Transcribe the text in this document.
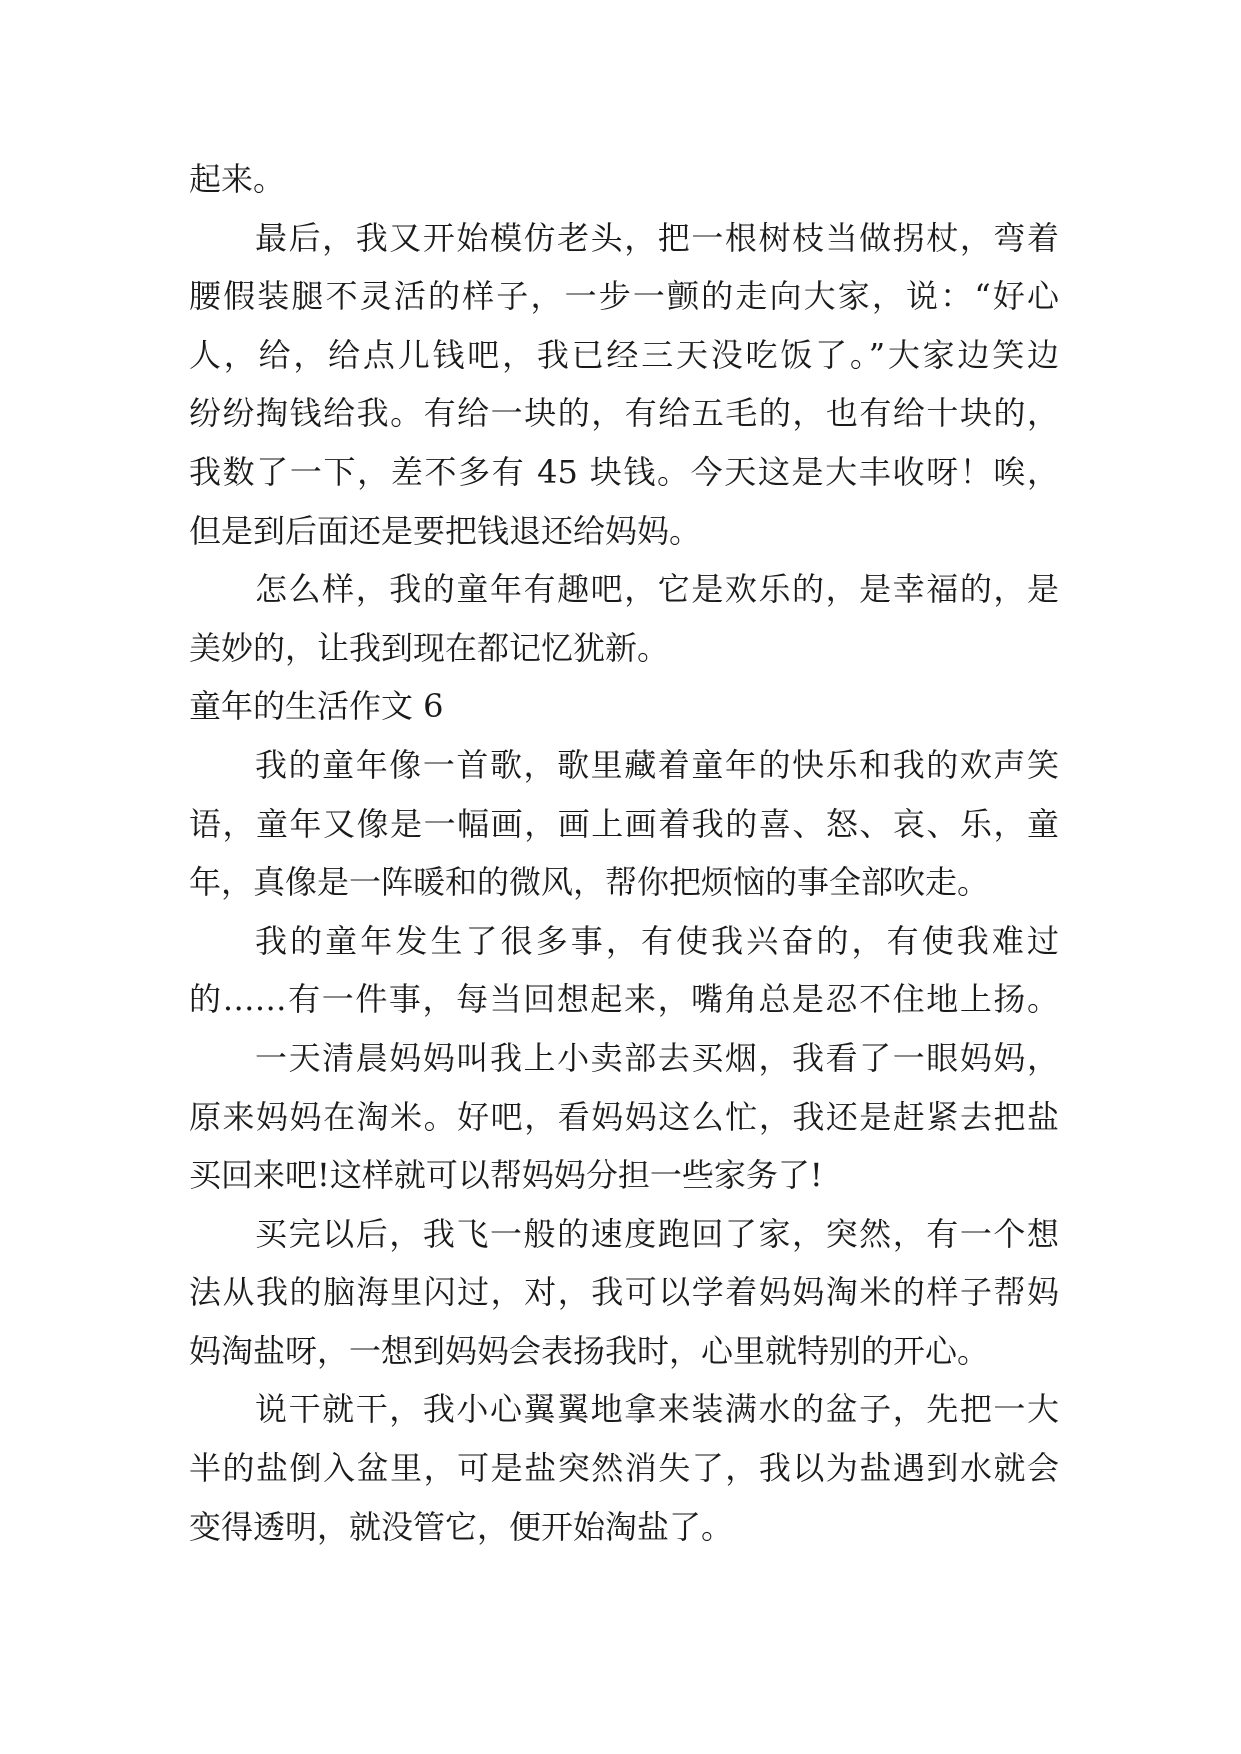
起来。
最后，我又开始模仿老头，把一根树枝当做拐杖，弯着
腰假装腿不灵活的样子，一步一颤的走向大家，说：“好心
人，给，给点儿钱吧，我已经三天没吃饭了。”大家边笑边
纷纷掏钱给我。有给一块的，有给五毛的，也有给十块的，
我数了一下，差不多有 45 块钱。今天这是大丰收呀！唉，
但是到后面还是要把钱退还给妈妈。
怎么样，我的童年有趣吧，它是欢乐的，是幸福的，是
美妙的，让我到现在都记忆犹新。
童年的生活作文 6
我的童年像一首歌，歌里藏着童年的快乐和我的欢声笑
语，童年又像是一幅画，画上画着我的喜、怒、哀、乐，童
年，真像是一阵暖和的微风，帮你把烦恼的事全部吹走。
我的童年发生了很多事，有使我兴奋的，有使我难过
的……有一件事，每当回想起来，嘴角总是忍不住地上扬。
一天清晨妈妈叫我上小卖部去买烟，我看了一眼妈妈，
原来妈妈在淘米。好吧，看妈妈这么忙，我还是赶紧去把盐
买回来吧!这样就可以帮妈妈分担一些家务了!
买完以后，我飞一般的速度跑回了家，突然，有一个想
法从我的脑海里闪过，对，我可以学着妈妈淘米的样子帮妈
妈淘盐呀，一想到妈妈会表扬我时，心里就特别的开心。
说干就干，我小心翼翼地拿来装满水的盆子，先把一大
半的盐倒入盆里，可是盐突然消失了，我以为盐遇到水就会
变得透明，就没管它，便开始淘盐了。
